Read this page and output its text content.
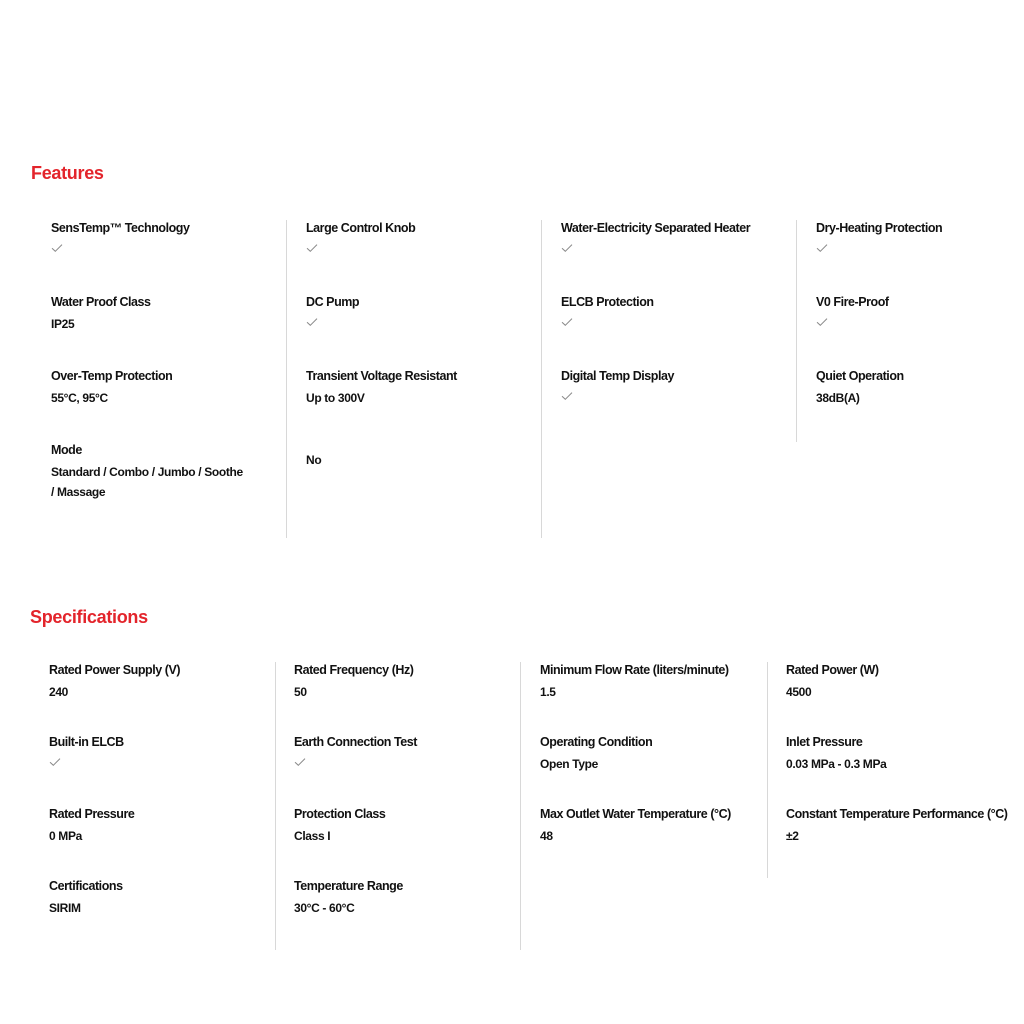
Features
SensTemp™ Technology
Water Proof Class
IP25
Over-Temp Protection
55°C, 95°C
Mode
Standard / Combo / Jumbo / Soothe / Massage
Large Control Knob
DC Pump
Transient Voltage Resistant
Up to 300V
No
Water-Electricity Separated Heater
ELCB Protection
Digital Temp Display
Dry-Heating Protection
V0 Fire-Proof
Quiet Operation
38dB(A)
Specifications
Rated Power Supply (V)
240
Built-in ELCB
Rated Pressure
0 MPa
Certifications
SIRIM
Rated Frequency (Hz)
50
Earth Connection Test
Protection Class
Class I
Temperature Range
30°C - 60°C
Minimum Flow Rate (liters/minute)
1.5
Operating Condition
Open Type
Max Outlet Water Temperature (°C)
48
Rated Power (W)
4500
Inlet Pressure
0.03 MPa - 0.3 MPa
Constant Temperature Performance (°C)
±2
